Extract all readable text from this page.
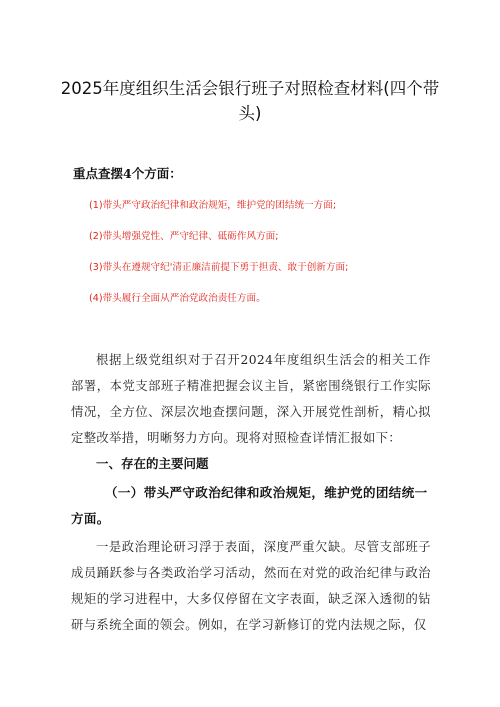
2025年度组织生活会银行班子对照检查材料(四个带头)
重点查摆4个方面：
(1)带头严守政治纪律和政治规矩，维护党的团结统一方面;
(2)带头增强党性、严守纪律、砥砺作风方面;
(3)带头在遵规守纪'清正廉洁前提下勇于担责、敢于创新方面;
(4)带头履行全面从严治党政治责任方面。
根据上级党组织对于召开2024年度组织生活会的相关工作部署，本党支部班子精准把握会议主旨，紧密围绕银行工作实际情况，全方位、深层次地查摆问题，深入开展党性剖析，精心拟定整改举措，明晰努力方向。现将对照检查详情汇报如下：
一、存在的主要问题
（一）带头严守政治纪律和政治规矩，维护党的团结统一方面。
一是政治理论研习浮于表面，深度严重欠缺。尽管支部班子成员踊跃参与各类政治学习活动，然而在对党的政治纪律与政治规矩的学习进程中，大多仅停留在文字表面，缺乏深入透彻的钻研与系统全面的领会。例如，在学习新修订的党内法规之际，仅
